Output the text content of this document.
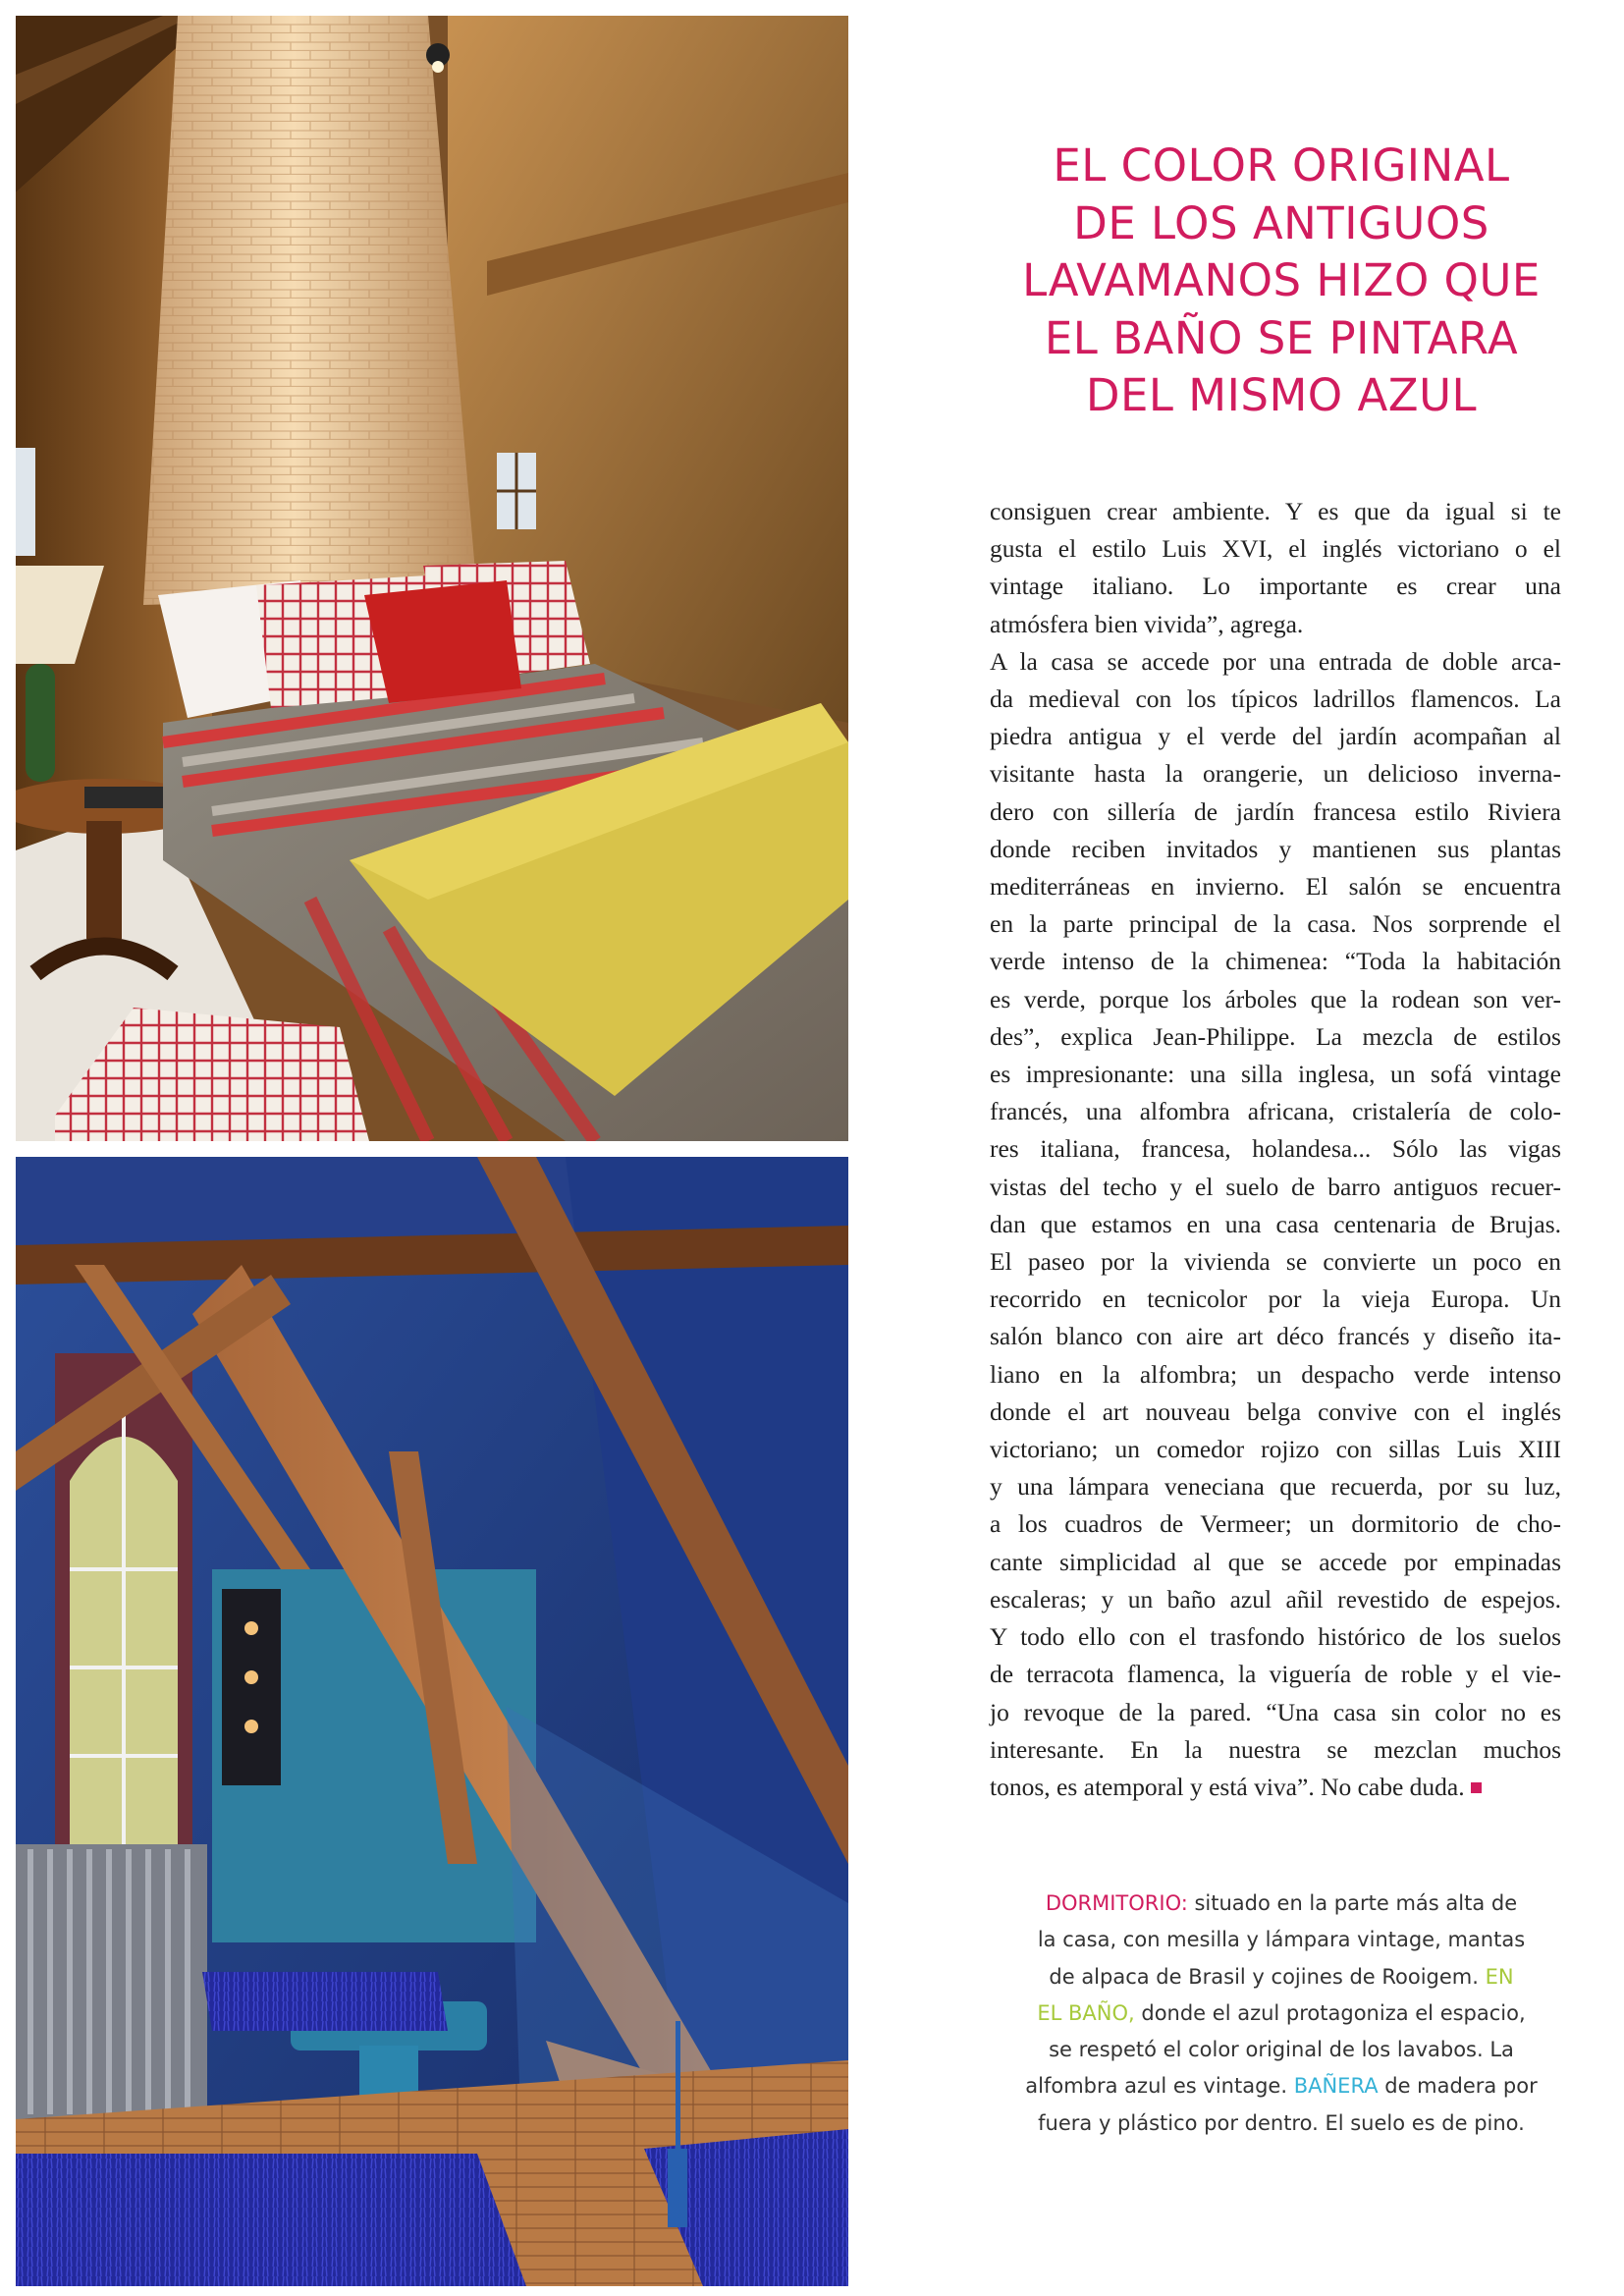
EL COLOR ORIGINAL
DE LOS ANTIGUOS
LAVAMANOS HIZO QUE
EL BAÑO SE PINTARA
DEL MISMO AZUL
consiguen crear ambiente. Y es que da igual si te
gusta el estilo Luis XVI, el inglés victoriano o el
vintage italiano. Lo importante es crear una
atmósfera bien vivida”, agrega.
A la casa se accede por una entrada de doble arca-
da medieval con los típicos ladrillos flamencos. La
piedra antigua y el verde del jardín acompañan al
visitante hasta la orangerie, un delicioso inverna-
dero con sillería de jardín francesa estilo Riviera
donde reciben invitados y mantienen sus plantas
mediterráneas en invierno. El salón se encuentra
en la parte principal de la casa. Nos sorprende el
verde intenso de la chimenea: “Toda la habitación
es verde, porque los árboles que la rodean son ver-
des”, explica Jean-Philippe. La mezcla de estilos
es impresionante: una silla inglesa, un sofá vintage
francés, una alfombra africana, cristalería de colo-
res italiana, francesa, holandesa... Sólo las vigas
vistas del techo y el suelo de barro antiguos recuer-
dan que estamos en una casa centenaria de Brujas.
El paseo por la vivienda se convierte un poco en
recorrido en tecnicolor por la vieja Europa. Un
salón blanco con aire art déco francés y diseño ita-
liano en la alfombra; un despacho verde intenso
donde el art nouveau belga convive con el inglés
victoriano; un comedor rojizo con sillas Luis XIII
y una lámpara veneciana que recuerda, por su luz,
a los cuadros de Vermeer; un dormitorio de cho-
cante simplicidad al que se accede por empinadas
escaleras; y un baño azul añil revestido de espejos.
Y todo ello con el trasfondo histórico de los suelos
de terracota flamenca, la viguería de roble y el vie-
jo revoque de la pared. “Una casa sin color no es
interesante. En la nuestra se mezclan muchos
tonos, es atemporal y está viva”. No cabe duda.
DORMITORIO: situado en la parte más alta de
la casa, con mesilla y lámpara vintage, mantas
de alpaca de Brasil y cojines de Rooigem. EN
EL BAÑO, donde el azul protagoniza el espacio,
se respetó el color original de los lavabos. La
alfombra azul es vintage. BAÑERA de madera por
fuera y plástico por dentro. El suelo es de pino.
